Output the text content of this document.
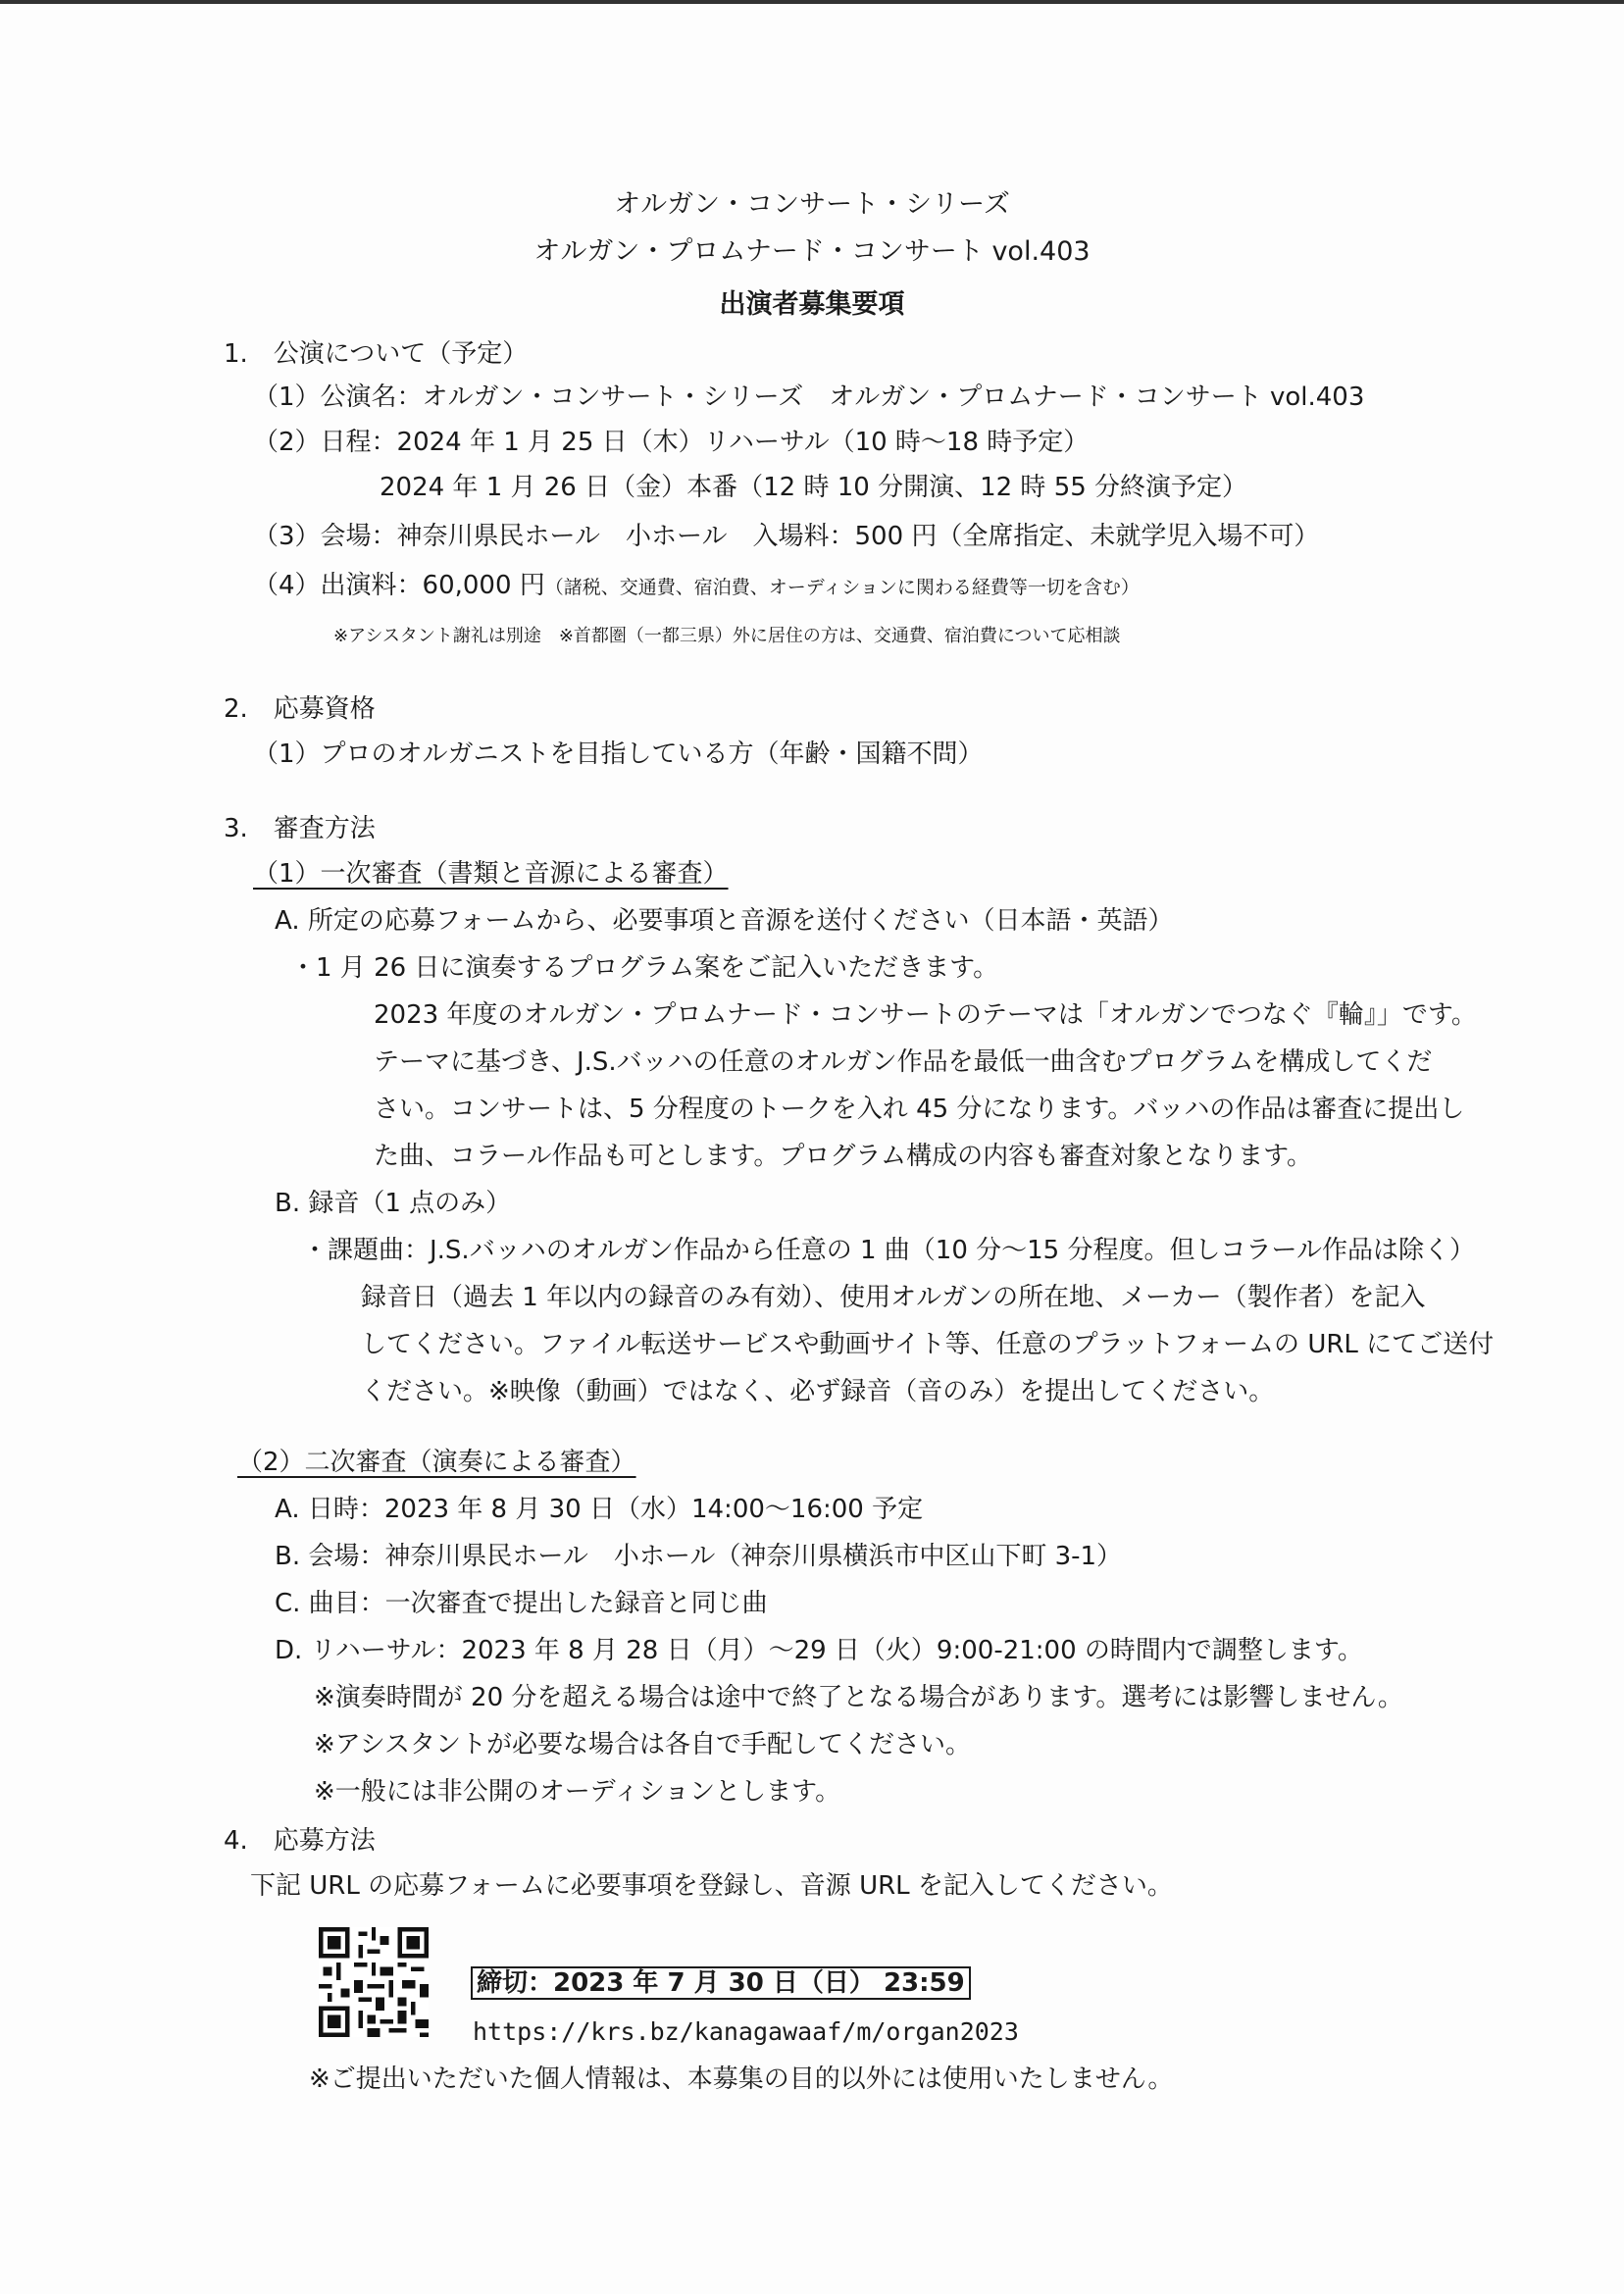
オルガン・コンサート・シリーズ
オルガン・プロムナード・コンサート vol.403
出演者募集要項
1.　公演について（予定）
（1）公演名：オルガン・コンサート・シリーズ　オルガン・プロムナード・コンサート vol.403
（2）日程：2024 年 1 月 25 日（木）リハーサル（10 時～18 時予定）
2024 年 1 月 26 日（金）本番（12 時 10 分開演、12 時 55 分終演予定）
（3）会場：神奈川県民ホール　小ホール　入場料：500 円（全席指定、未就学児入場不可）
（4）出演料：60,000 円（諸税、交通費、宿泊費、オーディションに関わる経費等一切を含む）
※アシスタント謝礼は別途　※首都圏（一都三県）外に居住の方は、交通費、宿泊費について応相談
2.　応募資格
（1）プロのオルガニストを目指している方（年齢・国籍不問）
3.　審査方法
（1）一次審査（書類と音源による審査）
A. 所定の応募フォームから、必要事項と音源を送付ください（日本語・英語）
・1 月 26 日に演奏するプログラム案をご記入いただきます。
2023 年度のオルガン・プロムナード・コンサートのテーマは「オルガンでつなぐ『輪』」です。
テーマに基づき、J.S.バッハの任意のオルガン作品を最低一曲含むプログラムを構成してくだ
さい。コンサートは、5 分程度のトークを入れ 45 分になります。バッハの作品は審査に提出し
た曲、コラール作品も可とします。プログラム構成の内容も審査対象となります。
B. 録音（1 点のみ）
・課題曲：J.S.バッハのオルガン作品から任意の 1 曲（10 分～15 分程度。但しコラール作品は除く）
録音日（過去 1 年以内の録音のみ有効）、使用オルガンの所在地、メーカー（製作者）を記入
してください。ファイル転送サービスや動画サイト等、任意のプラットフォームの URL にてご送付
ください。※映像（動画）ではなく、必ず録音（音のみ）を提出してください。
（2）二次審査（演奏による審査）
A. 日時：2023 年 8 月 30 日（水）14:00～16:00 予定
B. 会場：神奈川県民ホール　小ホール（神奈川県横浜市中区山下町 3-1）
C. 曲目：一次審査で提出した録音と同じ曲
D. リハーサル：2023 年 8 月 28 日（月）～29 日（火）9:00-21:00 の時間内で調整します。
※演奏時間が 20 分を超える場合は途中で終了となる場合があります。選考には影響しません。
※アシスタントが必要な場合は各自で手配してください。
※一般には非公開のオーディションとします。
4.　応募方法
下記 URL の応募フォームに必要事項を登録し、音源 URL を記入してください。
締切：2023 年 7 月 30 日（日） 23:59
https://krs.bz/kanagawaaf/m/organ2023
※ご提出いただいた個人情報は、本募集の目的以外には使用いたしません。
